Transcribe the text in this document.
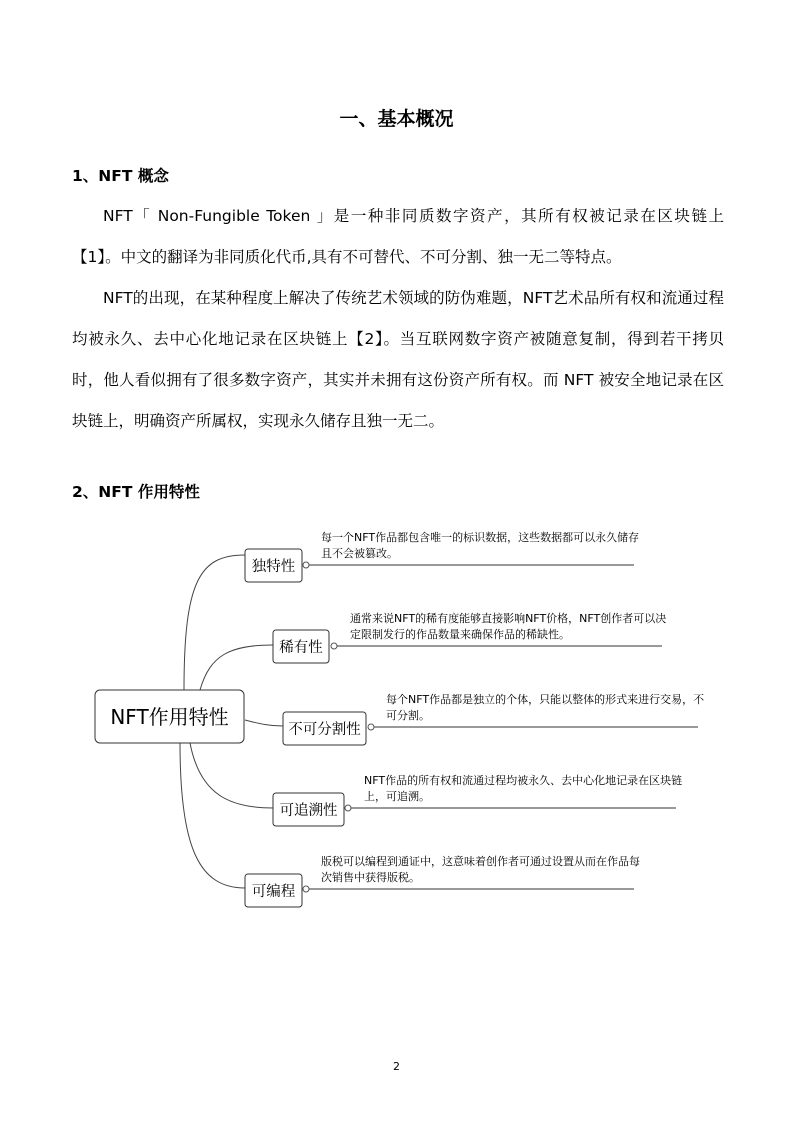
一、基本概况
1、NFT 概念

NFT「 Non-Fungible Token 」是一种非同质数字资产，其所有权被记录在区块链上【1】。中文的翻译为非同质化代币,具有不可替代、不可分割、独一无二等特点。

NFT的出现，在某种程度上解决了传统艺术领域的防伪难题，NFT艺术品所有权和流通过程均被永久、去中心化地记录在区块链上【2】。当互联网数字资产被随意复制，得到若干拷贝时，他人看似拥有了很多数字资产，其实并未拥有这份资产所有权。而 NFT 被安全地记录在区块链上，明确资产所属权，实现永久储存且独一无二。

2、NFT 作用特性
NFT作用特性
独特性
每一个NFT作品都包含唯一的标识数据，这些数据都可以永久储存
且不会被篡改。
稀有性
通常来说NFT的稀有度能够直接影响NFT价格，NFT创作者可以决
定限制发行的作品数量来确保作品的稀缺性。
不可分割性
每个NFT作品都是独立的个体，只能以整体的形式来进行交易，不
可分割。
可追溯性
NFT作品的所有权和流通过程均被永久、去中心化地记录在区块链
上，可追溯。
可编程
版税可以编程到通证中，这意味着创作者可通过设置从而在作品每
次销售中获得版税。
2
